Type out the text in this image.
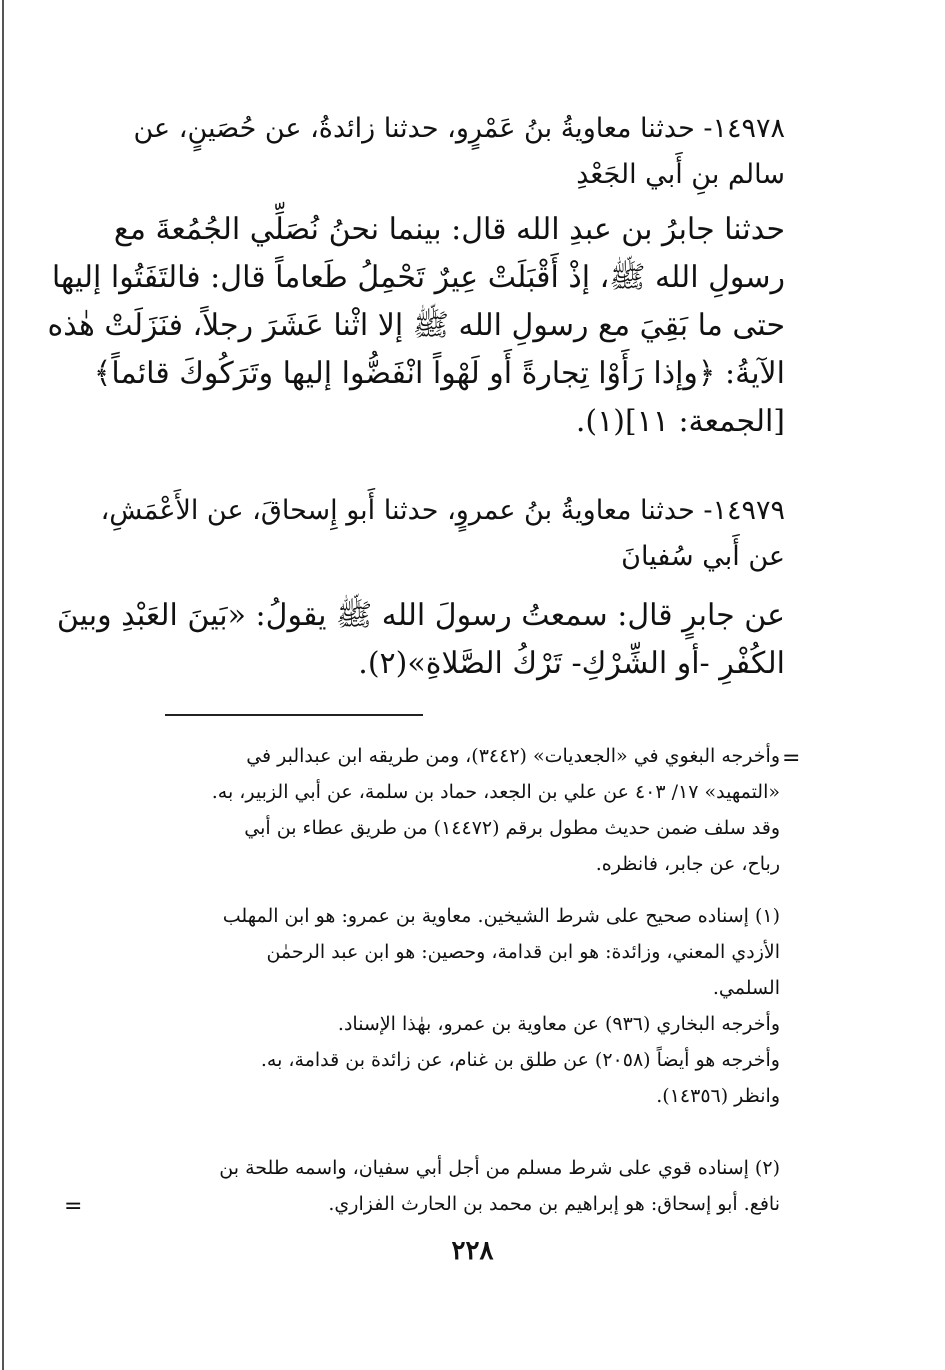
١٤٩٧٨- حدثنا معاويةُ بنُ عَمْرٍو، حدثنا زائدةُ، عن حُصَينٍ، عن
سالم بنِ أَبي الجَعْدِ
حدثنا جابرُ بن عبدِ الله قال: بينما نحنُ نُصَلِّي الجُمُعةَ مع
رسولِ الله ﷺ، إذْ أَقْبَلَتْ عِيرٌ تَحْمِلُ طَعاماً قال: فالتَفَتُوا إليها
حتى ما بَقِيَ مع رسولِ الله ﷺ إلا اثْنا عَشَرَ رجلاً، فنَزَلَتْ هٰذه
الآيةُ: ﴿وإذا رَأَوْا تِجارةً أَو لَهْواً انْفَضُّوا إليها وتَرَكُوكَ قائماً﴾
[الجمعة: ١١](١).
١٤٩٧٩- حدثنا معاويةُ بنُ عمروٍ، حدثنا أَبو إِسحاقَ، عن الأَعْمَشِ،
عن أَبي سُفيانَ
عن جابرٍ قال: سمعتُ رسولَ الله ﷺ يقولُ: «بَينَ العَبْدِ وبينَ
الكُفْرِ -أو الشِّرْكِ- تَرْكُ الصَّلاةِ»(٢).
=
وأخرجه البغوي في «الجعديات» (٣٤٤٢)، ومن طريقه ابن عبدالبر في
«التمهيد» ١٧/ ٤٠٣ عن علي بن الجعد، حماد بن سلمة، عن أبي الزبير، به.
وقد سلف ضمن حديث مطول برقم (١٤٤٧٢) من طريق عطاء بن أبي
رباح، عن جابر، فانظره.
(١) إسناده صحيح على شرط الشيخين. معاوية بن عمرو: هو ابن المهلب
الأزدي المعني، وزائدة: هو ابن قدامة، وحصين: هو ابن عبد الرحمٰن
السلمي.
وأخرجه البخاري (٩٣٦) عن معاوية بن عمرو، بهٰذا الإسناد.
وأخرجه هو أيضاً (٢٠٥٨) عن طلق بن غنام، عن زائدة بن قدامة، به.
وانظر (١٤٣٥٦).
(٢) إسناده قوي على شرط مسلم من أجل أبي سفيان، واسمه طلحة بن
نافع. أبو إسحاق: هو إبراهيم بن محمد بن الحارث الفزاري.
=
٢٢٨
